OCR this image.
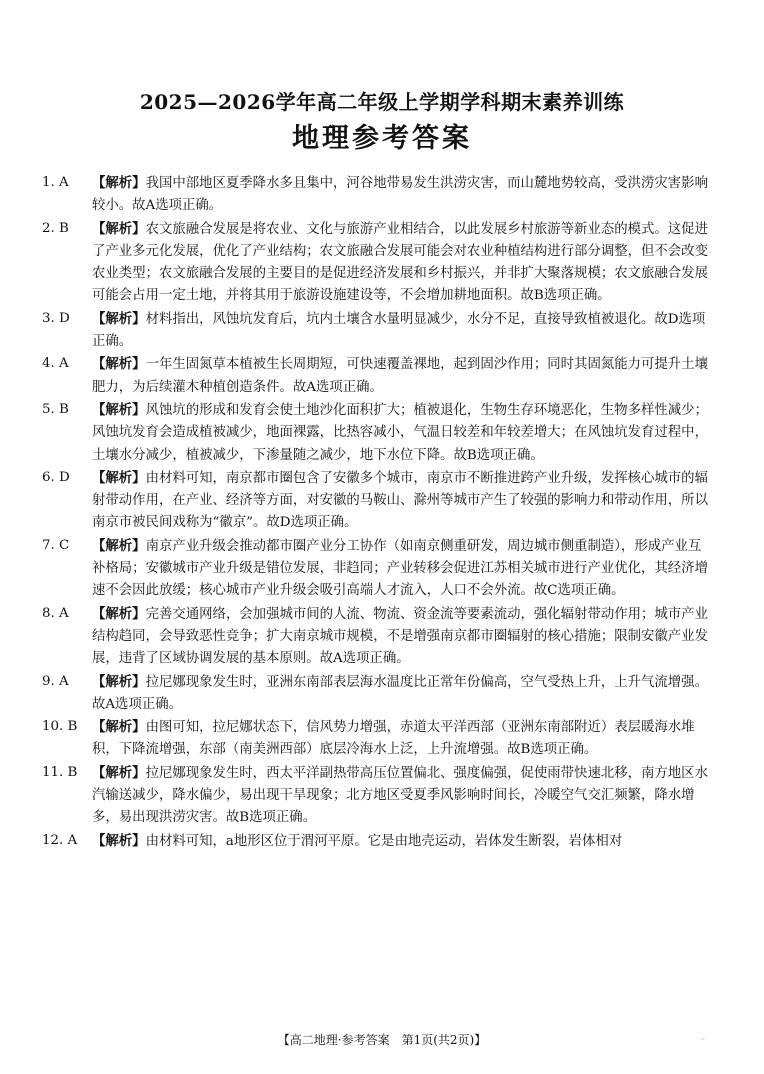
2025—2026学年高二年级上学期学科期末素养训练
地理参考答案

1. A	【解析】我国中部地区夏季降水多且集中，河谷地带易发生洪涝灾害，而山麓地势较高，受洪涝灾害影响较小。故A选项正确。

2. B	【解析】农文旅融合发展是将农业、文化与旅游产业相结合，以此发展乡村旅游等新业态的模式。这促进了产业多元化发展，优化了产业结构；农文旅融合发展可能会对农业种植结构进行部分调整，但不会改变农业类型；农文旅融合发展的主要目的是促进经济发展和乡村振兴，并非扩大聚落规模；农文旅融合发展可能会占用一定土地，并将其用于旅游设施建设等，不会增加耕地面积。故B选项正确。

3. D	【解析】材料指出，风蚀坑发育后，坑内土壤含水量明显减少，水分不足，直接导致植被退化。故D选项正确。

4. A	【解析】一年生固氮草本植被生长周期短，可快速覆盖裸地，起到固沙作用；同时其固氮能力可提升土壤肥力，为后续灌木种植创造条件。故A选项正确。

5. B	【解析】风蚀坑的形成和发育会使土地沙化面积扩大；植被退化，生物生存环境恶化，生物多样性减少；风蚀坑发育会造成植被减少，地面裸露，比热容减小，气温日较差和年较差增大；在风蚀坑发育过程中，土壤水分减少，植被减少，下渗量随之减少，地下水位下降。故B选项正确。

6. D	【解析】由材料可知，南京都市圈包含了安徽多个城市，南京市不断推进跨产业升级，发挥核心城市的辐射带动作用，在产业、经济等方面，对安徽的马鞍山、滁州等城市产生了较强的影响力和带动作用，所以南京市被民间戏称为“徽京”。故D选项正确。

7. C	【解析】南京产业升级会推动都市圈产业分工协作（如南京侧重研发，周边城市侧重制造），形成产业互补格局；安徽城市产业升级是错位发展，非趋同；产业转移会促进江苏相关城市进行产业优化，其经济增速不会因此放缓；核心城市产业升级会吸引高端人才流入，人口不会外流。故C选项正确。

8. A	【解析】完善交通网络，会加强城市间的人流、物流、资金流等要素流动，强化辐射带动作用；城市产业结构趋同，会导致恶性竞争；扩大南京城市规模，不是增强南京都市圈辐射的核心措施；限制安徽产业发展，违背了区域协调发展的基本原则。故A选项正确。

9. A	【解析】拉尼娜现象发生时，亚洲东南部表层海水温度比正常年份偏高，空气受热上升，上升气流增强。故A选项正确。

10. B	【解析】由图可知，拉尼娜状态下，信风势力增强，赤道太平洋西部（亚洲东南部附近）表层暖海水堆积，下降流增强，东部（南美洲西部）底层冷海水上泛，上升流增强。故B选项正确。

11. B	【解析】拉尼娜现象发生时，西太平洋副热带高压位置偏北、强度偏强，促使雨带快速北移，南方地区水汽输送减少，降水偏少，易出现干旱现象；北方地区受夏季风影响时间长，冷暖空气交汇频繁，降水增多，易出现洪涝灾害。故B选项正确。

12. A	【解析】由材料可知，a地形区位于渭河平原。它是由地壳运动，岩体发生断裂，岩体相对

【高二地理·参考答案　第1页(共2页)】	··
